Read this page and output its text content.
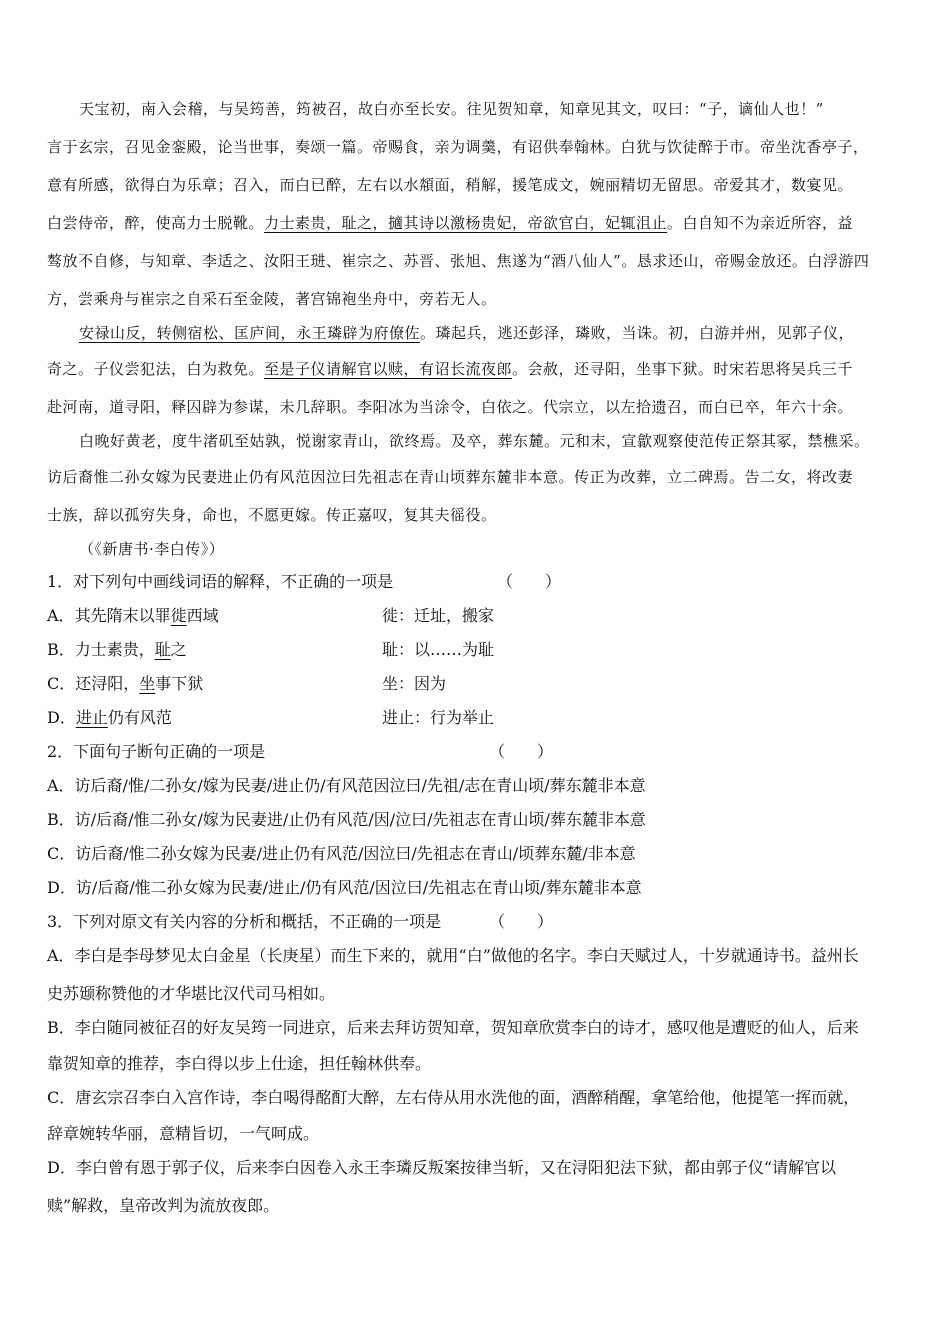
天宝初，南入会稽，与吴筠善，筠被召，故白亦至长安。往见贺知章，知章见其文，叹曰：“子，谪仙人也！”
言于玄宗，召见金銮殿，论当世事，奏颂一篇。帝赐食，亲为调羹，有诏供奉翰林。白犹与饮徒醉于市。帝坐沈香亭子，
意有所感，欲得白为乐章；召入，而白已醉，左右以水頮面，稍解，援笔成文，婉丽精切无留思。帝爱其才，数宴见。
白尝侍帝，醉，使高力士脱靴。力士素贵，耻之，擿其诗以激杨贵妃，帝欲官白，妃辄沮止。白自知不为亲近所容，益
骜放不自修，与知章、李适之、汝阳王琎、崔宗之、苏晋、张旭、焦遂为“酒八仙人”。恳求还山，帝赐金放还。白浮游四
方，尝乘舟与崔宗之自采石至金陵，著宫锦袍坐舟中，旁若无人。
安禄山反，转侧宿松、匡庐间，永王璘辟为府僚佐。璘起兵，逃还彭泽，璘败，当诛。初，白游并州，见郭子仪，
奇之。子仪尝犯法，白为救免。至是子仪请解官以赎，有诏长流夜郎。会赦，还寻阳，坐事下狱。时宋若思将吴兵三千
赴河南，道寻阳，释囚辟为参谋，未几辞职。李阳冰为当涂令，白依之。代宗立，以左拾遗召，而白已卒，年六十余。
白晚好黄老，度牛渚矶至姑孰，悦谢家青山，欲终焉。及卒，葬东麓。元和末，宣歙观察使范传正祭其冢，禁樵采。
访后裔惟二孙女嫁为民妻进止仍有风范因泣曰先祖志在青山顷葬东麓非本意。传正为改葬，立二碑焉。告二女，将改妻
士族，辞以孤穷失身，命也，不愿更嫁。传正嘉叹，复其夫徭役。
（《新唐书·李白传》）
1．对下列句中画线词语的解释，不正确的一项是	（　　）
A．其先隋末以罪徙西域	徙：迁址，搬家
B．力士素贵，耻之	耻：以……为耻
C．还浔阳，坐事下狱	坐：因为
D．进止仍有风范	进止：行为举止
2．下面句子断句正确的一项是	（　　）
A．访后裔/惟/二孙女/嫁为民妻/进止仍/有风范因泣曰/先祖/志在青山顷/葬东麓非本意
B．访/后裔/惟二孙女/嫁为民妻进/止仍有风范/因/泣曰/先祖志在青山顷/葬东麓非本意
C．访后裔/惟二孙女嫁为民妻/进止仍有风范/因泣曰/先祖志在青山/顷葬东麓/非本意
D．访/后裔/惟二孙女嫁为民妻/进止/仍有风范/因泣曰/先祖志在青山顷/葬东麓非本意
3．下列对原文有关内容的分析和概括，不正确的一项是	（　　）
A．李白是李母梦见太白金星（长庚星）而生下来的，就用“白”做他的名字。李白天赋过人，十岁就通诗书。益州长
史苏颋称赞他的才华堪比汉代司马相如。
B．李白随同被征召的好友吴筠一同进京，后来去拜访贺知章，贺知章欣赏李白的诗才，感叹他是遭贬的仙人，后来
靠贺知章的推荐，李白得以步上仕途，担任翰林供奉。
C．唐玄宗召李白入宫作诗，李白喝得酩酊大醉，左右侍从用水洗他的面，酒醉稍醒，拿笔给他，他提笔一挥而就，
辞章婉转华丽，意精旨切，一气呵成。
D．李白曾有恩于郭子仪，后来李白因卷入永王李璘反叛案按律当斩，又在浔阳犯法下狱，都由郭子仪“请解官以
赎”解救，皇帝改判为流放夜郎。
